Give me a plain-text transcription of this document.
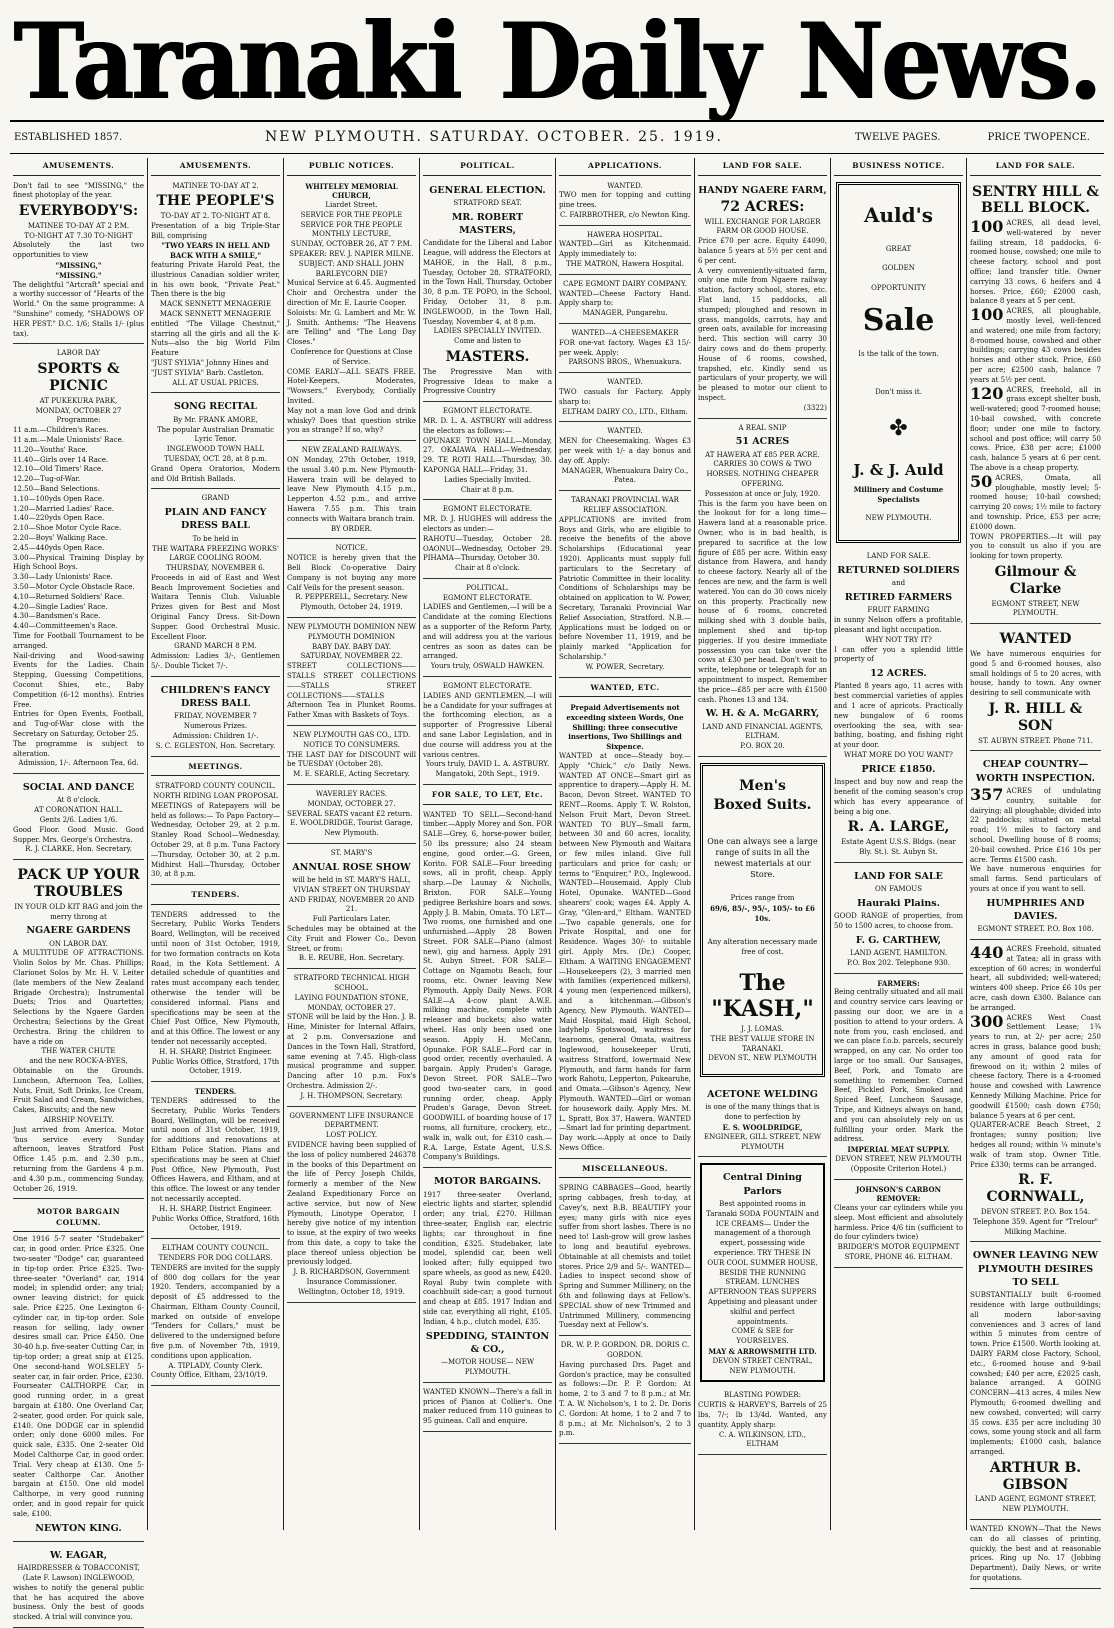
Taranaki Daily News.
ESTABLISHED 1857.	NEW PLYMOUTH. SATURDAY. OCTOBER. 25. 1919.	TWELVE PAGES.	PRICE TWOPENCE.
AMUSEMENTS.
Don't fail to see "MISSING," the finest photoplay of the year.
EVERYBODY'S:
MATINEE TO-DAY AT 2 P.M.
TO-NIGHT AT 7.30 TO-NIGHT
Absolutely the last two opportunities to view
"MISSING,"
"MISSING."
The delightful "Artcraft" special and a worthy successor of "Hearts of the World." On the same programme: A "Sunshine" comedy, "SHADOWS OF HER PEST." D.C. 1/6; Stalls 1/- (plus tax).
LABOR DAY
SPORTS & PICNIC
AT PUKEKURA PARK,
MONDAY, OCTOBER 27
Programme:
11 a.m.—Children's Races.
11 a.m.—Male Unionists' Race.
11.20—Youths' Race.
11.40—Girls over 14 Race.
12.10—Old Timers' Race.
12.20—Tug-of-War.
12.50—Band Selections.
1.10—100yds Open Race.
1.20—Married Ladies' Race.
1.40—220yds Open Race.
2.10—Shoe Motor Cycle Race.
2.20—Boys' Walking Race.
2.45—440yds Open Race.
3.00—Physical Training Display by High School Boys.
3.30—Lady Unionists' Race.
3.50—Motor Cycle Obstacle Race.
4.10—Returned Soldiers' Race.
4.20—Single Ladies' Race.
4.30—Bandsmen's Race.
4.40—Committeemen's Race.
Time for Football Tournament to be arranged.
Nail-driving and Wood-sawing Events for the Ladies. Chain Stepping, Guessing Competitions, Coconut Shies, etc., Baby Competition (6-12 months). Entries Free.
Entries for Open Events, Football, and Tug-of-War close with the Secretary on Saturday, October 25.
The programme is subject to alteration.
Admission, 1/-. Afternoon Tea, 6d.
SOCIAL AND DANCE
At 8 o'clock.
AT CORONATION HALL.
Gents 2/6. Ladies 1/6.
Good Floor. Good Music. Good Supper. Mrs. George's Orchestra.
R. J. CLARKE, Hon. Secretary.
PACK UP YOUR TROUBLES
IN YOUR OLD KIT BAG and join the merry throng at
NGAERE GARDENS
ON LABOR DAY.
A MULTITUDE OF ATTRACTIONS. Violin Solos by Mr. Chas. Phillips; Clarionet Solos by Mr. H. V. Leiter (late members of the New Zealand Brigade Orchestra); Instrumental Duets; Trios and Quartettes; Selections by the Ngaere Garden Orchestra; Selections by the Great Orchestra. Bring the children to have a ride on
THE WATER CHUTE
and the new ROCK-A-BYES,
Obtainable on the Grounds. Luncheon, Afternoon Tea, Lollies, Nuts, Fruit, Soft Drinks, Ice Cream, Fruit Salad and Cream, Sandwiches, Cakes, Biscuits; and the new
AIRSHIP NOVELTY.
Just arrived from America. Motor 'bus service every Sunday afternoon, leaves Stratford Post Office 1.45 p.m. and 2.30 p.m., returning from the Gardens 4 p.m. and 4.30 p.m., commencing Sunday, October 26, 1919.
MOTOR BARGAIN COLUMN.
One 1916 5-7 seater "Studebaker" car, in good order. Price £325. One two-seater "Dodge" car, guaranteed in tip-top order. Price £325. Two-three-seater "Overland" car, 1914 model; in splendid order; any trial; owner leaving district; for quick sale. Price £225. One Lexington 6-cylinder car, in tip-top order. Sole reason for selling, lady owner desires small car. Price £450. One 30-40 h.p. five-seater Cutting Car, in tip-top order; a great snip at £125. One second-hand WOLSELEY 5-seater car, in fair order. Price, £230. Fourseater CALTHORPE Car, in good running order, in a great bargain at £180. One Overland Car, 2-seater, good order. For quick sale, £140. One DODGE car in splendid order; only done 6000 miles. For quick sale, £335. One 2-seater Old Model Calthorpe Car, in good order. Trial. Very cheap at £130. One 5-seater Calthorpe Car. Another bargain at £150. One old model Calthorpe, in very good running order, and in good repair for quick sale, £100.
NEWTON KING.
W. EAGAR,
HAIRDRESSER & TOBACCONIST, (Late F. Lawson) INGLEWOOD,
wishes to notify the general public that he has acquired the above business. Only the best of goods stocked. A trial will convince you.
AMUSEMENTS.
MATINEE TO-DAY AT 2.
THE PEOPLE'S
TO-DAY AT 2. TO-NIGHT AT 8.
Presentation of a big Triple-Star Bill, comprising
"TWO YEARS IN HELL AND BACK WITH A SMILE,"
featuring Private Harold Peat, the illustrious Canadian soldier writer, in his own book, "Private Peat." Then there is the big
MACK SENNETT MENAGERIE
MACK SENNETT MENAGERIE
entitled "The Village Chestnut," starring all the girls and all the K-Nuts—also the big World Film Feature
"JUST SYLVIA" Johnny Hines and
"JUST SYLVIA" Barb. Castleton.
ALL AT USUAL PRICES.
SONG RECITAL
By Mr. FRANK AMORE,
The popular Australian Dramatic Lyric Tenor.
INGLEWOOD TOWN HALL
TUESDAY, OCT. 28, at 8 p.m.
Grand Opera Oratorios, Modern and Old British Ballads.
GRAND
PLAIN AND FANCY DRESS BALL
To be held in
THE WAITARA FREEZING WORKS' LARGE COOLING ROOM.
THURSDAY, NOVEMBER 6.
Proceeds in aid of East and West Beach Improvement Societies and Waitara Tennis Club. Valuable Prizes given for Best and Most Original Fancy Dress. Sit-Down Supper. Good Orchestral Music. Excellent Floor.
GRAND MARCH 8 P.M.
Admission: Ladies 3/-, Gentlemen 5/-. Double Ticket 7/-.
CHILDREN'S FANCY DRESS BALL
FRIDAY, NOVEMBER 7
Numerous Prizes.
Admission: Children 1/-.
S. C. EGLESTON, Hon. Secretary.
MEETINGS.
STRATFORD COUNTY COUNCIL.
NORTH RIDING LOAN PROPOSAL
MEETINGS of Ratepayers will be held as follows:— To Papo Factory—Wednesday, October 29, at 2 p.m. Stanley Road School—Wednesday, October 29, at 8 p.m. Tuna Factory—Thursday, October 30, at 2 p.m. Midhirst Hall—Thursday, October 30, at 8 p.m.
TENDERS.
TENDERS addressed to the Secretary, Public Works Tenders Board, Wellington, will be received until noon of 31st October, 1919, for two formation contracts on Kota Road, in the Kota Settlement. A detailed schedule of quantities and rates must accompany each tender, otherwise the tender will be considered informal. Plans and specifications may be seen at the Chief Post Office, New Plymouth, and at this Office. The lowest or any tender not necessarily accepted.
H. H. SHARP, District Engineer. Public Works Office, Stratford, 17th October, 1919.
TENDERS.
TENDERS addressed to the Secretary, Public Works Tenders Board, Wellington, will be received until noon of 31st October, 1919, for additions and renovations at Eltham Police Station. Plans and specifications may be seen at Chief Post Office, New Plymouth, Post Offices Hawera, and Eltham, and at this office. The lowest or any tender not necessarily accepted.
H. H. SHARP, District Engineer. Public Works Office, Stratford, 16th October, 1919.
ELTHAM COUNTY COUNCIL.
TENDERS FOR DOG COLLARS.
TENDERS are invited for the supply of 800 dog collars for the year 1920. Tenders, accompanied by a deposit of £5 addressed to the Chairman, Eltham County Council, marked on outside of envelope "Tenders for Collars," must be delivered to the undersigned before five p.m. of November 7th, 1919, conditions upon application.
A. TIPLADY, County Clerk.
County Office, Eltham, 23/10/19.
PUBLIC NOTICES.
WHITELEY MEMORIAL CHURCH,
Liardet Street.
SERVICE FOR THE PEOPLE SERVICE FOR THE PEOPLE
MONTHLY LECTURE,
SUNDAY, OCTOBER 26, AT 7 P.M.
SPEAKER: REV. J. NAPIER MILNE.
SUBJECT: AND SHALL JOHN BARLEYCORN DIE?
Musical Service at 6.45. Augmented Choir and Orchestra under the direction of Mr. E. Laurie Cooper.
Soloists: Mr. G. Lambert and Mr. W. J. Smith. Anthems: "The Heavens are Telling" and "The Long Day Closes."
Conference for Questions at Close of Service.
COME EARLY—ALL SEATS FREE. Hotel-Keepers, Moderates, "Wowsers," Everybody, Cordially Invited.
May not a man love God and drink whisky? Does that question strike you as strange? If so, why?
NEW ZEALAND RAILWAYS.
ON Monday, 27th October, 1919, the usual 3.40 p.m. New Plymouth-Hawera train will be delayed to leave New Plymouth 4.15 p.m., Lepperton 4.52 p.m., and arrive Hawera 7.55 p.m. This train connects with Waitara branch train.
BY ORDER.
NOTICE.
NOTICE is hereby given that the Bell Block Co-operative Dairy Company is not buying any more Calf Veils for the present season.
R. PEPPERELL, Secretary. New Plymouth, October 24, 1919.
NEW PLYMOUTH DOMINION NEW PLYMOUTH DOMINION
BABY DAY. BABY DAY.
SATURDAY, NOVEMBER 22.
STREET COLLECTIONS——STALLS STREET COLLECTIONS——STALLS STREET COLLECTIONS——STALLS
Afternoon Tea in Plunket Rooms. Father Xmas with Baskets of Toys.
NEW PLYMOUTH GAS CO., LTD.
NOTICE TO CONSUMERS.
THE LAST DAY for DISCOUNT will be TUESDAY (October 28).
M. E. SEARLE, Acting Secretary.
WAVERLEY RACES.
MONDAY, OCTOBER 27.
SEVERAL SEATS vacant £2 return.
E. WOOLDRIDGE, Tourist Garage, New Plymouth.
ST. MARY'S
ANNUAL ROSE SHOW
will be held in ST. MARY'S HALL, VIVIAN STREET ON THURSDAY AND FRIDAY, NOVEMBER 20 AND 21.
Full Particulars Later.
Schedules may be obtained at the City Fruit and Flower Co., Devon Street, or from:
B. E. REUBE, Hon. Secretary.
STRATFORD TECHNICAL HIGH SCHOOL.
LAYING FOUNDATION STONE, MONDAY, OCTOBER 27.
STONE will be laid by the Hon. J. B. Hine, Minister for Internal Affairs, at 2 p.m. Conversazione and Dances in the Town Hall, Stratford, same evening at 7.45. High-class musical programme and supper. Dancing after 10 p.m. Fox's Orchestra. Admission 2/-.
J. H. THOMPSON, Secretary.
GOVERNMENT LIFE INSURANCE DEPARTMENT.
LOST POLICY.
EVIDENCE having been supplied of the loss of policy numbered 246378 in the books of this Department on the life of Percy Joseph Childs, formerly a member of the New Zealand Expeditionary Force on active service, but now of New Plymouth, Linotype Operator, I hereby give notice of my intention to issue, at the expiry of two weeks from this date, a copy to take the place thereof unless objection be previously lodged.
J. B. RICHARDSON, Government Insurance Commissioner. Wellington, October 18, 1919.
POLITICAL.
GENERAL ELECTION.
STRATFORD SEAT.
MR. ROBERT MASTERS,
Candidate for the Liberal and Labor League, will address the Electors at
MAHOE, in the Hall, 8 p.m., Tuesday, October 28. STRATFORD, in the Town Hall, Thursday, October 30, 8 p.m. TE POPO, in the School, Friday, October 31, 8 p.m. INGLEWOOD, in the Town Hall, Tuesday, November 4, at 8 p.m.
LADIES SPECIALLY INVITED.
Come and listen to
MASTERS.
The Progressive Man with Progressive Ideas to make a Progressive Country
EGMONT ELECTORATE.
MR. D. L. A. ASTBURY will address the electors as follows:—
OPUNAKE TOWN HALL—Monday, 27. OKAIAWA HALL—Wednesday, 29. TE ROTI HALL—Thursday, 30. KAPONGA HALL—Friday, 31.
Ladies Specially Invited.
Chair at 8 p.m.
EGMONT ELECTORATE.
MR. D. J. HUGHES will address the electors as under:—
RAHOTU—Tuesday, October 28. OAONUI—Wednesday, October 29. PIHAMA—Thursday, October 30.
Chair at 8 o'clock.
POLITICAL.
EGMONT ELECTORATE.
LADIES and Gentlemen,—I will be a Candidate at the coming Elections as a supporter of the Reform Party, and will address you at the various centres as soon as dates can be arranged.
Yours truly, OSWALD HAWKEN.
EGMONT ELECTORATE.
LADIES AND GENTLEMEN,—I will be a Candidate for your suffrages at the forthcoming election, as a supporter of Progressive Liberal and sane Labor Legislation, and in due course will address you at the various centres.
Yours truly, DAVID L. A. ASTBURY. Mangatoki, 20th Sept., 1919.
FOR SALE, TO LET, Etc.
WANTED TO SELL—Second-hand timber.—Apply Morey and Son. FOR SALE—Grey, 6, horse-power boiler, 50 lbs pressure; also 24 steam engine, good order.—G. Green, Korito. FOR SALE—Four breeding sows, all in profit, cheap. Apply sharp.—De Launay & Nicholls, Brixton. FOR SALE—Young pedigree Berkshire boars and sows. Apply J. B. Mabin, Omata. TO LET—Two rooms, one furnished and one unfurnished.—Apply 28 Bowen Street. FOR SALE—Piano (almost new), gig and harness. Apply 291 St. Aubyn Street. FOR SALE—Cottage on Ngamotu Beach, four rooms, etc. Owner leaving New Plymouth. Apply Daily News. FOR SALE—A 4-cow plant A.W.E. milking machine, complete with releaser and buckets; also water wheel. Has only been used one season. Apply H. McCann, Opunake. FOR SALE—Ford car in good order, recently overhauled. A bargain. Apply Pruden's Garage, Devon Street. FOR SALE—Two good two-seater cars, in good running order, cheap. Apply Pruden's Garage, Devon Street. GOODWILL of boarding house of 17 rooms, all furniture, crockery, etc., walk in, walk out, for £310 cash.—R.A. Large, Estate Agent, U.S.S. Company's Buildings.
MOTOR BARGAINS.
1917 three-seater Overland, electric lights and starter, splendid order; any trial, £270. Hillman three-seater, English car, electric lights; car throughout in fine condition, £325. Studebaker, late model, splendid car, been well looked after; fully equipped two spare wheels, as good as new, £420. Royal Ruby twin complete with coachbuilt side-car; a good turnout and cheap at £85. 1917 Indian and side car, everything all right, £105. Indian, 4 h.p., clutch model, £35.
SPEDDING, STAINTON & CO.,
—MOTOR HOUSE— NEW PLYMOUTH.
WANTED KNOWN—There's a fall in prices of Pianos at Collier's. One maker reduced from 110 guineas to 95 guineas. Call and enquire.
APPLICATIONS.
WANTED.
TWO men for topping and cutting pine trees.
C. FAIRBROTHER, c/o Newton King.
HAWERA HOSPITAL.
WANTED—Girl as Kitchenmaid. Apply immediately to:
THE MATRON, Hawera Hospital.
CAPE EGMONT DAIRY COMPANY.
WANTED—Cheese Factory Hand. Apply sharp to:
MANAGER, Pungarehu.
WANTED—A CHEESEMAKER
FOR one-vat factory. Wages £3 15/- per week. Apply:
PARSONS BROS., Whenuakura.
WANTED.
TWO casuals for Factory. Apply sharp to:
ELTHAM DAIRY CO., LTD., Eltham.
WANTED.
MEN for Cheesemaking. Wages £3 per week with 1/- a day bonus and day off. Apply:
MANAGER, Whenuakura Dairy Co., Patea.
TARANAKI PROVINCIAL WAR RELIEF ASSOCIATION.
APPLICATIONS are invited from Boys and Girls, who are eligible to receive the benefits of the above Scholarships (Educational year 1920). Applicants must supply full particulars to the Secretary of Patriotic Committee in their locality. Conditions of Scholarships may be obtained on application to W. Power, Secretary, Taranaki Provincial War Relief Association, Stratford. N.B.—Applications must be lodged on or before November 11, 1919, and be plainly marked "Application for Scholarship."
W. POWER, Secretary.
WANTED, ETC.
Prepaid Advertisements not exceeding sixteen Words, One Shilling; three consecutive insertions, Two Shillings and Sixpence.
WANTED at once—Steady boy.—Apply "Chick," c/o Daily News. WANTED AT ONCE—Smart girl as apprentice to drapery.—Apply H. M. Bacon, Devon Street. WANTED TO RENT—Rooms. Apply T. W. Rolston, Nelson Fruit Mart, Devon Street. WANTED TO BUY—Small farm, between 30 and 60 acres, locality, between New Plymouth and Waitara or few miles inland. Give full particulars and price for cash; or terms to "Enquirer," P.O., Inglewood. WANTED—Housemaid. Apply Club Hotel, Opunake. WANTED—Good shearers' cook; wages £4. Apply A. Gray, "Glen-ard," Eltham. WANTED—Two capable generals, one for Private Hospital, and one for Residence. Wages 30/- to suitable girl. Apply Mrs. (Dr.) Cooper, Eltham. A WAITING ENGAGEMENT—Housekeepers (2), 3 married men with families (experienced milkers), 4 young men (experienced milkers), and a kitchenman.—Gibson's Agency, New Plymouth. WANTED—Maid Hospital, maid High School, ladyhelp Spotswood, waitress for tearooms, general Omata, waitress Inglewood, housekeeper Uruti, waitress Stratford, lowermaid New Plymouth, and farm hands for farm work Rahotu, Lepperton, Pukearuhe, and Omata.—Gibson's Agency, New Plymouth. WANTED—Girl or woman for housework daily. Apply Mrs. M. L. Spratt, Box 37, Hawera. WANTED—Smart lad for printing department. Day work.—Apply at once to Daily News Office.
MISCELLANEOUS.
SPRING CABBAGES—Good, heartly spring cabbages, fresh to-day, at Cavey's, next B.B. BEAUTIFY your eyes; many girls with nice eyes suffer from short lashes. There is no need to! Lash-grow will grow lashes to long and beautiful eyebrows. Obtainable at all chemists and toilet stores. Price 2/9 and 5/-. WANTED—Ladies to inspect second show of Spring and Summer Millinery, on the 6th and following days at Fellow's. SPECIAL show of new Trimmed and Untrimmed Millinery, commencing Tuesday next at Fellow's.
DR. W. P. P. GORDON. DR. DORIS C. GORDON.
Having purchased Drs. Paget and Gordon's practice, may be consulted as follows:—Dr. P. P. Gordon: At home, 2 to 3 and 7 to 8 p.m.; at Mr. T. A. W. Nicholson's, 1 to 2. Dr. Doris C. Gordon: At home, 1 to 2 and 7 to 8 p.m.; at Mr. Nicholson's, 2 to 3 p.m.
LAND FOR SALE.
HANDY NGAERE FARM,
72 ACRES:
WILL EXCHANGE FOR LARGER FARM OR GOOD HOUSE.
Price £70 per acre. Equity £4090, balance 5 years at 5½ per cent and 6 per cent.
A very conveniently-situated farm, only one mile from Ngaere railway station, factory school, stores, etc. Flat land, 15 paddocks, all stumped; ploughed and resown in grass, mangolds, carrots, hay and green oats, available for increasing herd. This section will carry 30 dairy cows and do them properly. House of 6 rooms, cowshed, trapshed, etc. Kindly send us particulars of your property, we will be pleased to motor our client to inspect.
(3322)
A REAL SNIP
51 ACRES
AT HAWERA AT £85 PER ACRE.
CARRIES 30 COWS & TWO HORSES. NOTHING CHEAPER OFFERING.
Possession at once or July, 1920.
This is the farm you have been on the lookout for for a long time—Hawera land at a reasonable price. Owner, who is in bad health, is prepared to sacrifice at the low figure of £85 per acre. Within easy distance from Hawera, and handy to cheese factory. Nearly all of the fences are new, and the farm is well watered. You can do 30 cows nicely on this property. Practically new house of 6 rooms, concreted milking shed with 3 double bails, implement shed and tip-top piggeries. If you desire immediate possession you can take over the cows at £30 per head. Don't wait to write, telephone or telegraph for an appointment to inspect. Remember the price—£85 per acre with £1500 cash. Phones 13 and 134.
W. H. & A. McGARRY,
LAND AND FINANCIAL AGENTS, ELTHAM.
P.O. BOX 20.
Men's
Boxed Suits.
One can always see a large range of suits in all the newest materials at our Store.
Prices range from
69/6, 85/-, 95/-, 105/- to £6 10s.
Any alteration necessary made free of cost.
The "KASH,"
J. J. LOMAS.
THE BEST VALUE STORE IN TARANAKI.
DEVON ST., NEW PLYMOUTH
ACETONE WELDING
is one of the many things that is done to perfection by
E. S. WOOLDRIDGE,
ENGINEER, GILL STREET, NEW PLYMOUTH
Central Dining Parlors
Best appointed rooms in Taranaki SODA FOUNTAIN and ICE CREAMS— Under the management of a thorough expert, possessing wide experience. TRY THESE IN OUR COOL SUMMER HOUSE, BESIDE THE RUNNING STREAM. LUNCHES AFTERNOON TEAS SUPPERS Appetising and pleasant under skilful and perfect appointments.
COME & SEE for YOURSELVES.
MAY & ARROWSMITH LTD.
DEVON STREET CENTRAL, NEW PLYMOUTH.
BLASTING POWDER:
CURTIS & HARVEY'S, Barrels of 25 lbs, 7/-; lb 13/4d. Wanted, any quantity. Apply sharp:
C. A. WILKINSON, LTD.,
ELTHAM
BUSINESS NOTICE.
Auld's
GREAT
GOLDEN
OPPORTUNITY
Sale
Is the talk of the town.
Don't miss it.
✤
J. & J. Auld
Millinery and Costume Specialists
NEW PLYMOUTH.
LAND FOR SALE.
RETURNED SOLDIERS
and
RETIRED FARMERS
FRUIT FARMING
in sunny Nelson offers a profitable, pleasant and light occupation.
WHY NOT TRY IT?
I can offer you a splendid little property of
12 ACRES.
Planted 8 years ago, 11 acres with best commercial varieties of apples and 1 acre of apricots. Practically new bungalow of 6 rooms overlooking the sea, with sea-bathing, boating, and fishing right at your door.
WHAT MORE DO YOU WANT?
PRICE £1850.
Inspect and buy now and reap the benefit of the coming season's crop which has every appearance of being a big one.
R. A. LARGE,
Estate Agent U.S.S. Bldgs. (near Bly. St.). St. Aubyn St.
LAND FOR SALE
ON FAMOUS
Hauraki Plains.
GOOD RANGE of properties, from 50 to 1500 acres, to choose from.
F. G. CARTHEW,
LAND AGENT, HAMILTON.
P.O. Box 202. Telephone 930.
FARMERS:
Being centrally situated and all mail and country service cars leaving or passing our door, we are in a position to attend to your orders. A note from you, cash enclosed, and we can place f.o.b. parcels, securely wrapped, on any car. No order too large or too small. Our Sausages, Beef, Pork, and Tomato are something to remember. Corned Beef, Pickled Pork, Smoked and Spiced Beef, Luncheon Sausage, Tripe, and Kidneys always on hand, and you can absolutely rely on us fulfilling your order. Mark the address.
IMPERIAL MEAT SUPPLY.
DEVON STREET, NEW PLYMOUTH (Opposite Criterion Hotel.)
JOHNSON'S CARBON REMOVER:
Cleans your car cylinders while you sleep. Most efficient and absolutely harmless. Price 4/6 tin (sufficient to do four cylinders twice)
BRIDGER'S MOTOR EQUIPMENT STORE, PHONE 46. ELTHAM.
LAND FOR SALE.
SENTRY HILL & BELL BLOCK.
100 ACRES, all dead level, well-watered by never failing stream, 18 paddocks, 6-roomed house, cowshed; one mile to cheese factory, school and post office; land transfer title. Owner carrying 33 cows, 6 heifers and 4 horses. Price, £60; £2000 cash, balance 8 years at 5 per cent.
100 ACRES, all ploughable, mostly level, well-fenced and watered; one mile from factory; 8-roomed house, cowshed and other buildings; carrying 43 cows besides horses and other stock. Price, £60 per acre; £2500 cash, balance 7 years at 5½ per cent.
120 ACRES, freehold, all in grass except shelter bush, well-watered; good 7-roomed house; 10-bail cowshed, with concrete floor; under one mile to factory, school and post office; will carry 50 cows. Price, £38 per acre; £1000 cash, balance 5 years at 6 per cent. The above is a cheap property.
50 ACRES, Omata, all ploughable, mostly level; 5-roomed house; 10-bail cowshed; carrying 20 cows; 1½ mile to factory and township. Price, £53 per acre; £1000 down.
TOWN PROPERTIES.—It will pay you to consult us also if you are looking for town property.
Gilmour & Clarke
EGMONT STREET, NEW PLYMOUTH.
WANTED
We have numerous enquiries for good 5 and 6-roomed houses, also small holdings of 5 to 20 acres, with house, handy to town. Any owner desiring to sell communicate with
J. R. HILL & SON
ST. AUBYN STREET. Phone 711.
CHEAP COUNTRY—WORTH INSPECTION.
357 ACRES of undulating country, suitable for dairying; all ploughable; divided into 22 paddocks; situated on metal road; 1½ miles to factory and school. Dwelling house of 8 rooms; 20-bail cowshed. Price £16 10s per acre. Terms £1500 cash.
We have numerous enquiries for small farms. Send particulars of yours at once if you want to sell.
HUMPHRIES AND DAVIES.
EGMONT STREET. P.O. Box 108.
440 ACRES Freehold, situated at Tatea; all in grass with exception of 60 acres; in wonderful heart, all subdivided; well-watered; winters 400 sheep. Price £6 10s per acre, cash down £300. Balance can be arranged.
300 ACRES West Coast Settlement Lease; 1¾ years to run, at 2/- per acre; 250 acres in grass, balance good bush; any amount of good rata for firewood on it; within 2 miles of cheese factory. There is a 4-roomed house and cowshed with Lawrence Kennedy Milking Machine. Price for goodwill £1500; cash down £750; balance 5 years at 6 per cent.
QUARTER-ACRE Beach Street, 2 frontages; sunny position; live hedges all round; within ¼ minute's walk of tram stop. Owner Title. Price £330; terms can be arranged.
R. F. CORNWALL,
DEVON STREET. P.O. Box 154. Telephone 359. Agent for "Trelour" Milking Machine.
OWNER LEAVING NEW PLYMOUTH DESIRES TO SELL
SUBSTANTIALLY built 6-roomed residence with large outbuildings; all modern labor-saving conveniences and 3 acres of land within 5 minutes from centre of town. Price £1500. Worth looking at. DAIRY FARM close Factory, School, etc., 6-roomed house and 9-bail cowshed; £40 per acre, £2025 cash, balance arranged. A GOING CONCERN—413 acres, 4 miles New Plymouth; 6-roomed dwelling and new cowshed, converted; will carry 35 cows. £35 per acre including 30 cows, some young stock and all farm implements; £1000 cash, balance arranged.
ARTHUR B. GIBSON
LAND AGENT, EGMONT STREET, NEW PLYMOUTH.
WANTED KNOWN—That the News can do all classes of printing, quickly, the best and at reasonable prices. Ring up No. 17 (Jobbing Department), Daily News, or write for quotations.
